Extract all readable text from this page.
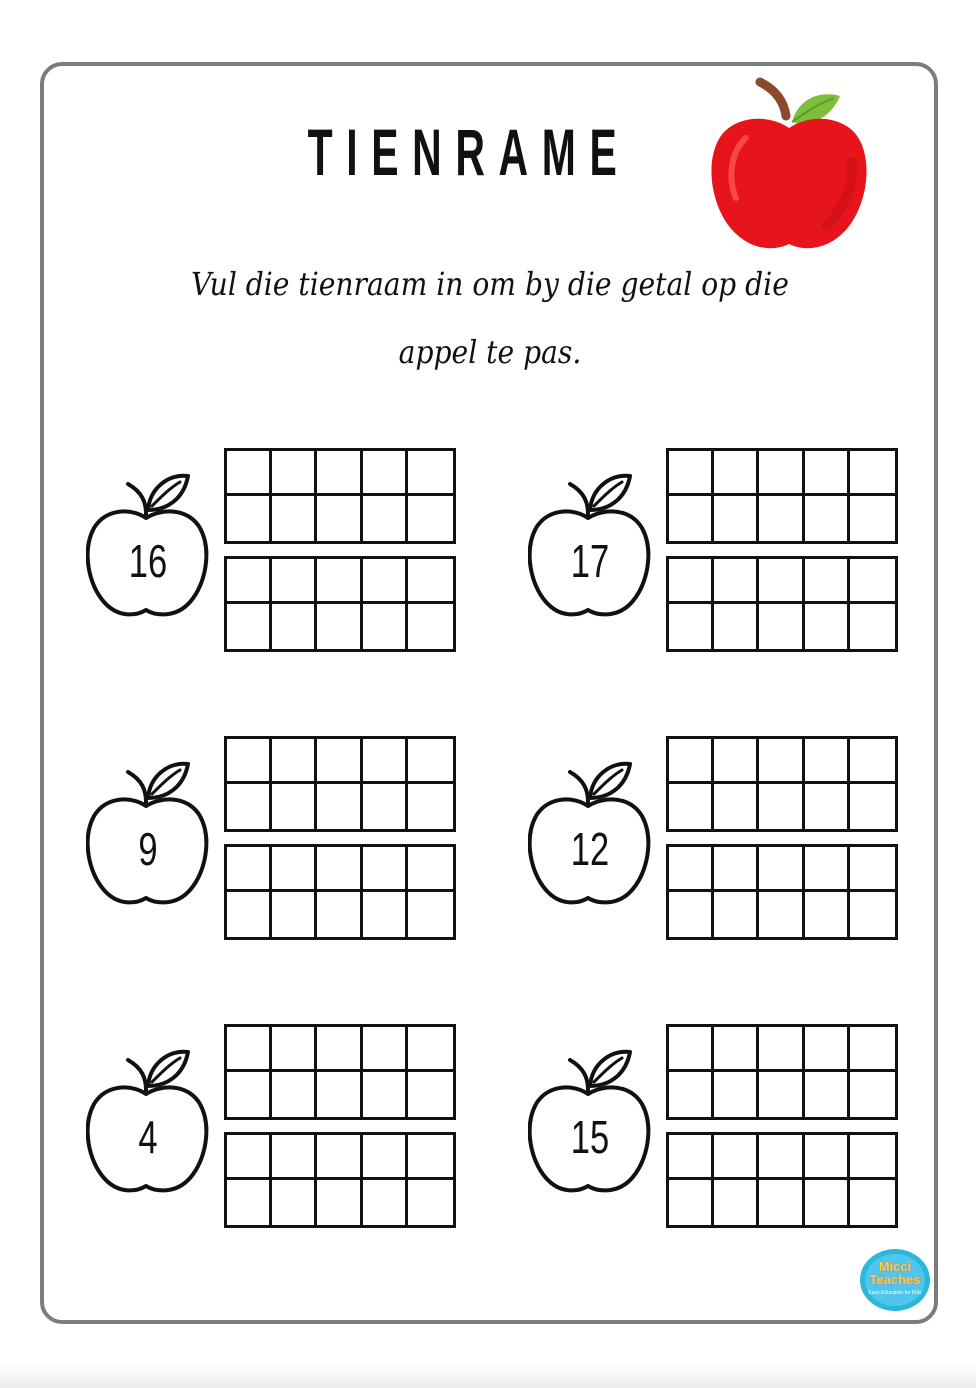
TIENRAME
Vul die tienraam in om by die getal op die appel te pas.
16	17
9	12
4	15
Micci
Teaches
Easy Education for Kids
